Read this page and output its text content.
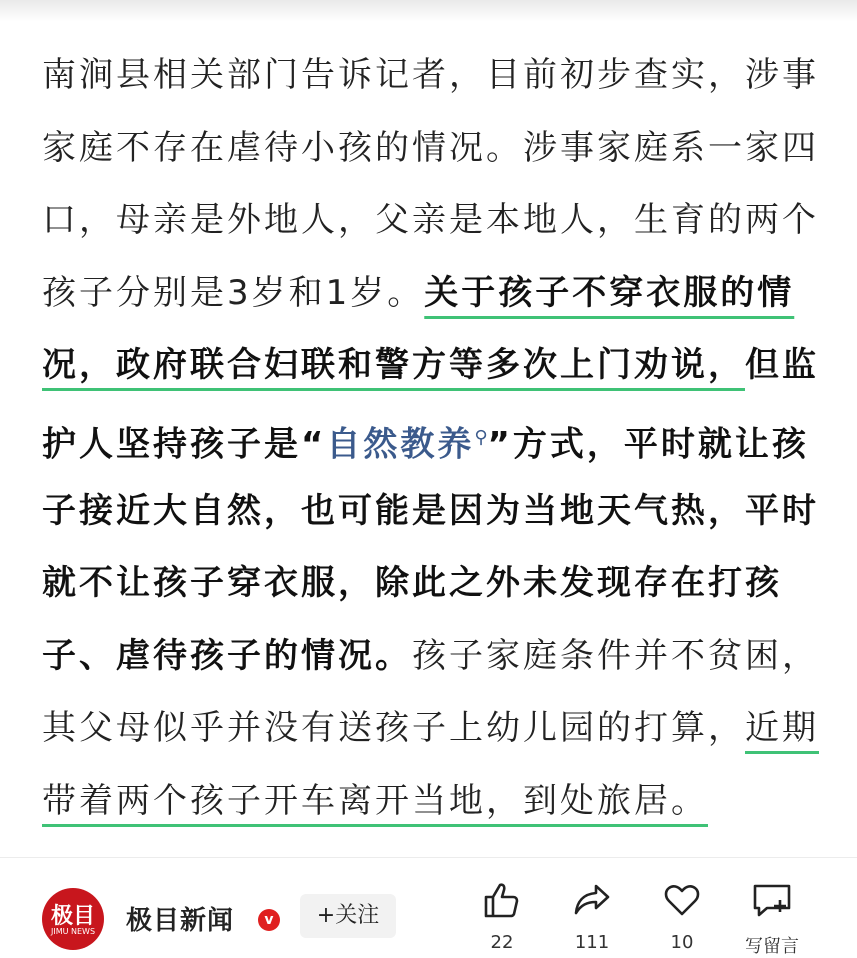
南涧县相关部门告诉记者，目前初步查实，涉事
家庭不存在虐待小孩的情况。涉事家庭系一家四
口，母亲是外地人，父亲是本地人，生育的两个
孩子分别是3岁和1岁。关于孩子不穿衣服的情
况，政府联合妇联和警方等多次上门劝说，但监
护人坚持孩子是“自然教养⚲”方式，平时就让孩
子接近大自然，也可能是因为当地天气热，平时
就不让孩子穿衣服，除此之外未发现存在打孩
子、虐待孩子的情况。孩子家庭条件并不贫困，
其父母似乎并没有送孩子上幼儿园的打算，近期
带着两个孩子开车离开当地，到处旅居。
极目
JIMU NEWS	极目新闻	v	+关注
22	111	10	写留言
